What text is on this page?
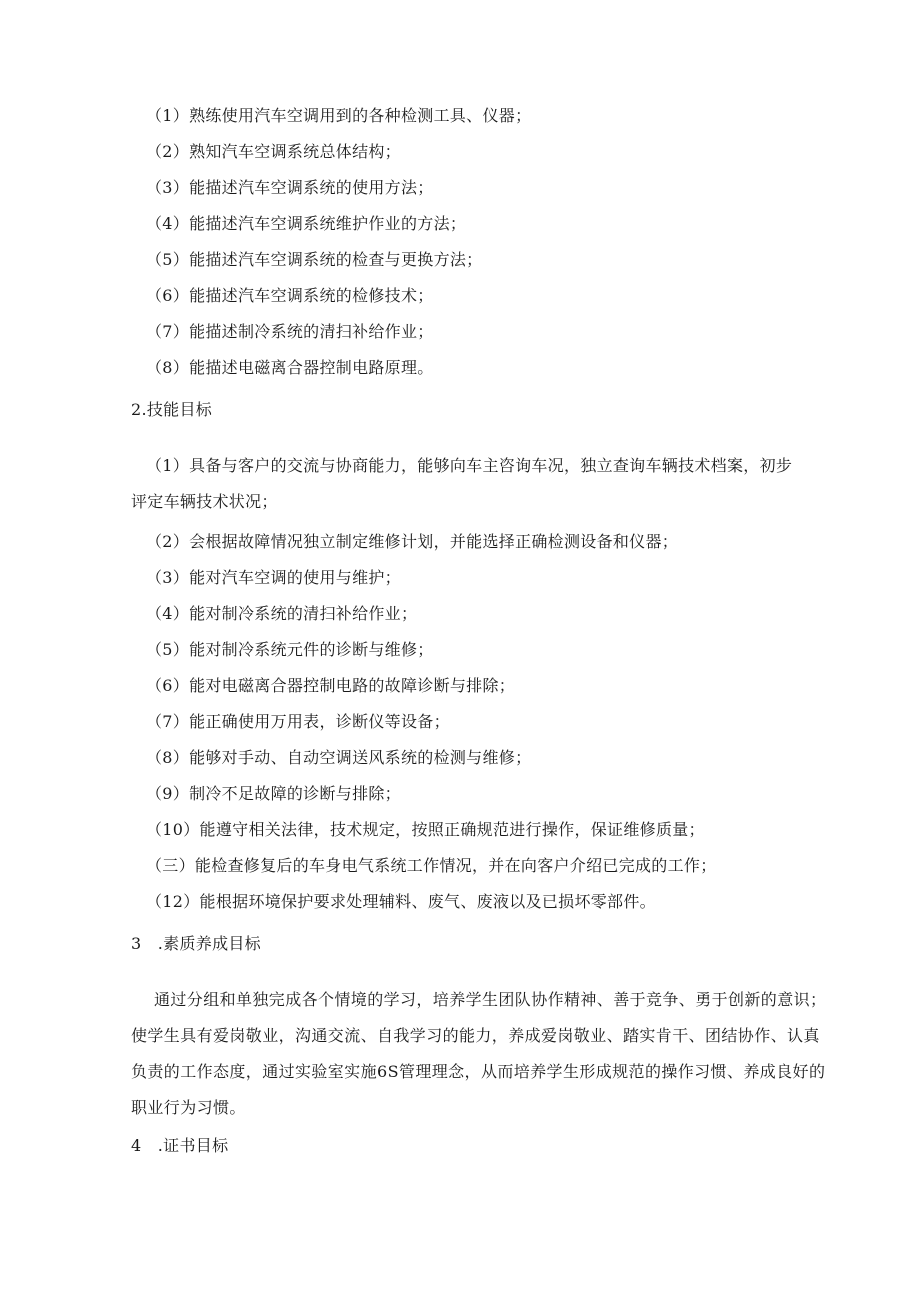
（1）熟练使用汽车空调用到的各种检测工具、仪器；
（2）熟知汽车空调系统总体结构；
（3）能描述汽车空调系统的使用方法；
（4）能描述汽车空调系统维护作业的方法；
（5）能描述汽车空调系统的检查与更换方法；
（6）能描述汽车空调系统的检修技术；
（7）能描述制冷系统的清扫补给作业；
（8）能描述电磁离合器控制电路原理。
2.技能目标
（1）具备与客户的交流与协商能力，能够向车主咨询车况，独立查询车辆技术档案，初步
评定车辆技术状况；
（2）会根据故障情况独立制定维修计划，并能选择正确检测设备和仪器；
（3）能对汽车空调的使用与维护；
（4）能对制冷系统的清扫补给作业；
（5）能对制冷系统元件的诊断与维修；
（6）能对电磁离合器控制电路的故障诊断与排除；
（7）能正确使用万用表，诊断仪等设备；
（8）能够对手动、自动空调送风系统的检测与维修；
（9）制冷不足故障的诊断与排除；
（10）能遵守相关法律，技术规定，按照正确规范进行操作，保证维修质量；
（三）能检查修复后的车身电气系统工作情况，并在向客户介绍已完成的工作；
（12）能根据环境保护要求处理辅料、废气、废液以及已损坏零部件。
3　.素质养成目标
通过分组和单独完成各个情境的学习，培养学生团队协作精神、善于竞争、勇于创新的意识；使学生具有爱岗敬业，沟通交流、自我学习的能力，养成爱岗敬业、踏实肯干、团结协作、认真负责的工作态度，通过实验室实施6S管理理念，从而培养学生形成规范的操作习惯、养成良好的职业行为习惯。
4　.证书目标
